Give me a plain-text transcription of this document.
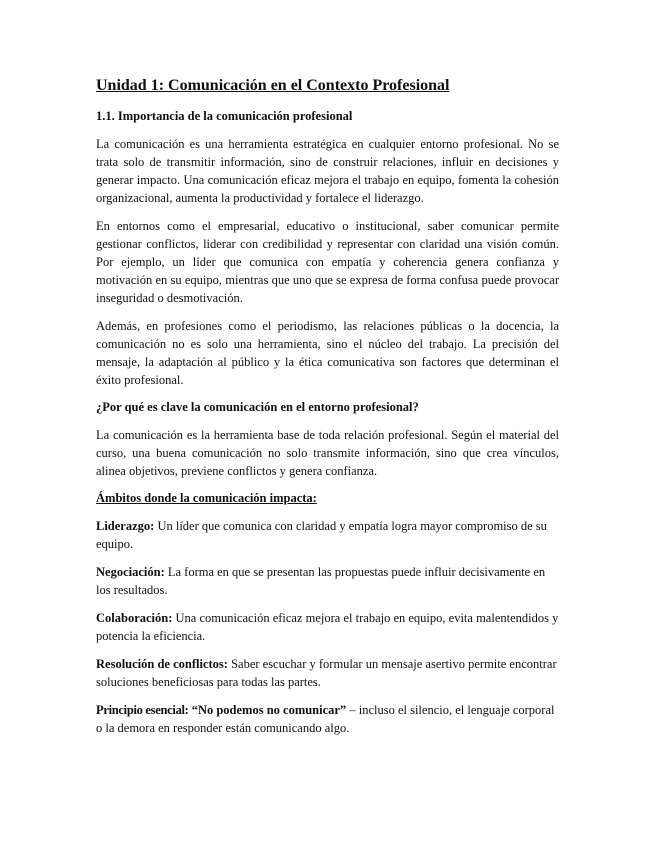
Unidad 1: Comunicación en el Contexto Profesional
1.1. Importancia de la comunicación profesional

La comunicación es una herramienta estratégica en cualquier entorno profesional. No se trata solo de transmitir información, sino de construir relaciones, influir en decisiones y generar impacto. Una comunicación eficaz mejora el trabajo en equipo, fomenta la cohesión organizacional, aumenta la productividad y fortalece el liderazgo.

En entornos como el empresarial, educativo o institucional, saber comunicar permite gestionar conflictos, liderar con credibilidad y representar con claridad una visión común. Por ejemplo, un líder que comunica con empatía y coherencia genera confianza y motivación en su equipo, mientras que uno que se expresa de forma confusa puede provocar inseguridad o desmotivación.

Además, en profesiones como el periodismo, las relaciones públicas o la docencia, la comunicación no es solo una herramienta, sino el núcleo del trabajo. La precisión del mensaje, la adaptación al público y la ética comunicativa son factores que determinan el éxito profesional.

¿Por qué es clave la comunicación en el entorno profesional?

La comunicación es la herramienta base de toda relación profesional. Según el material del curso, una buena comunicación no solo transmite información, sino que crea vínculos, alinea objetivos, previene conflictos y genera confianza.

Ámbitos donde la comunicación impacta:

Liderazgo: Un líder que comunica con claridad y empatía logra mayor compromiso de su equipo.

Negociación: La forma en que se presentan las propuestas puede influir decisivamente en los resultados.

Colaboración: Una comunicación eficaz mejora el trabajo en equipo, evita malentendidos y potencia la eficiencia.

Resolución de conflictos: Saber escuchar y formular un mensaje asertivo permite encontrar soluciones beneficiosas para todas las partes.

Principio esencial: “No podemos no comunicar” – incluso el silencio, el lenguaje corporal o la demora en responder están comunicando algo.
